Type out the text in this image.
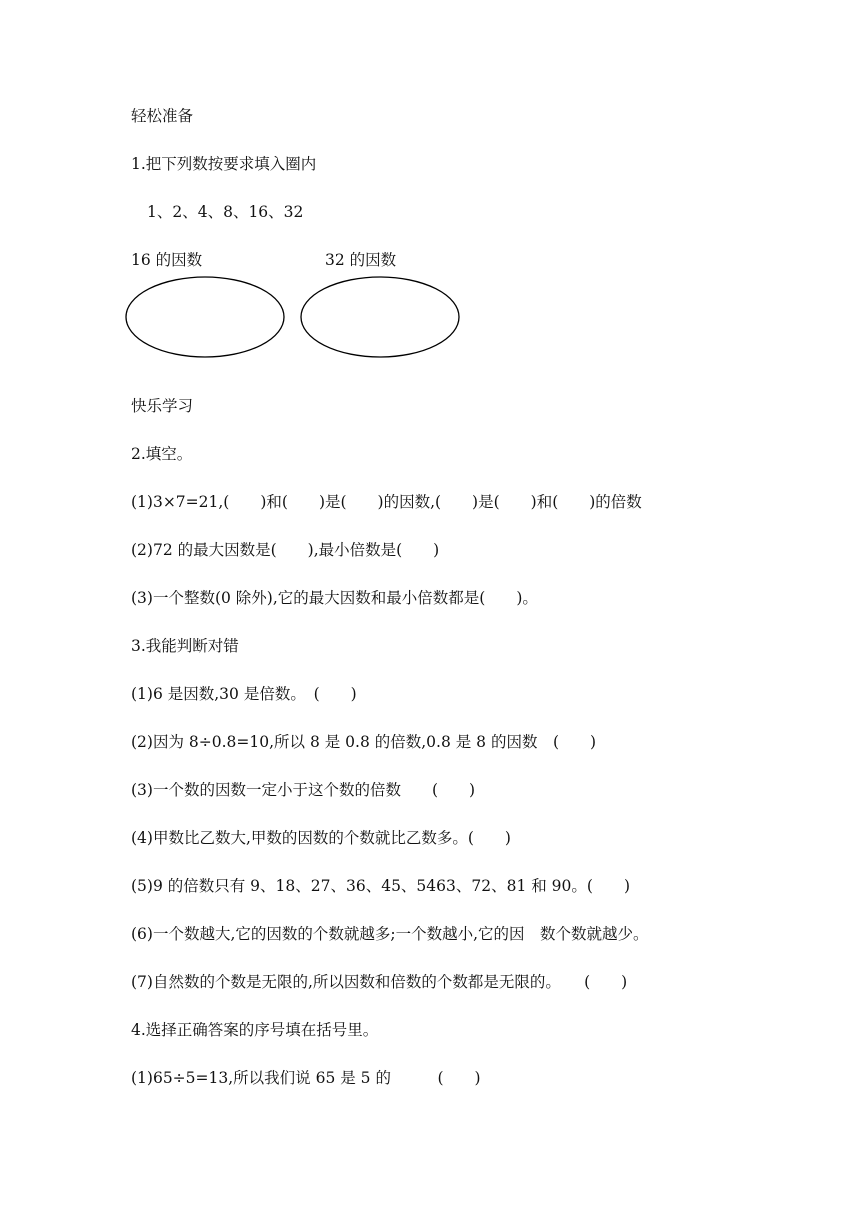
轻松准备
1.把下列数按要求填入圈内
1、2、4、8、16、32
16 的因数	32 的因数
快乐学习
2.填空。
(1)3×7=21,(　　)和(　　)是(　　)的因数,(　　)是(　　)和(　　)的倍数
(2)72 的最大因数是(　　),最小倍数是(　　)
(3)一个整数(0 除外),它的最大因数和最小倍数都是(　　)。
3.我能判断对错
(1)6 是因数,30 是倍数。　(　　)
(2)因为 8÷0.8=10,所以 8 是 0.8 的倍数,0.8 是 8 的因数　(　　)
(3)一个数的因数一定小于这个数的倍数　　(　　)
(4)甲数比乙数大,甲数的因数的个数就比乙数多。(　　)
(5)9 的倍数只有 9、18、27、36、45、5463、72、81 和 90。(　　)
(6)一个数越大,它的因数的个数就越多;一个数越小,它的因　数个数就越少。
(7)自然数的个数是无限的,所以因数和倍数的个数都是无限的。　　(　　)
4.选择正确答案的序号填在括号里。
(1)65÷5=13,所以我们说 65 是 5 的　　　(　　)
